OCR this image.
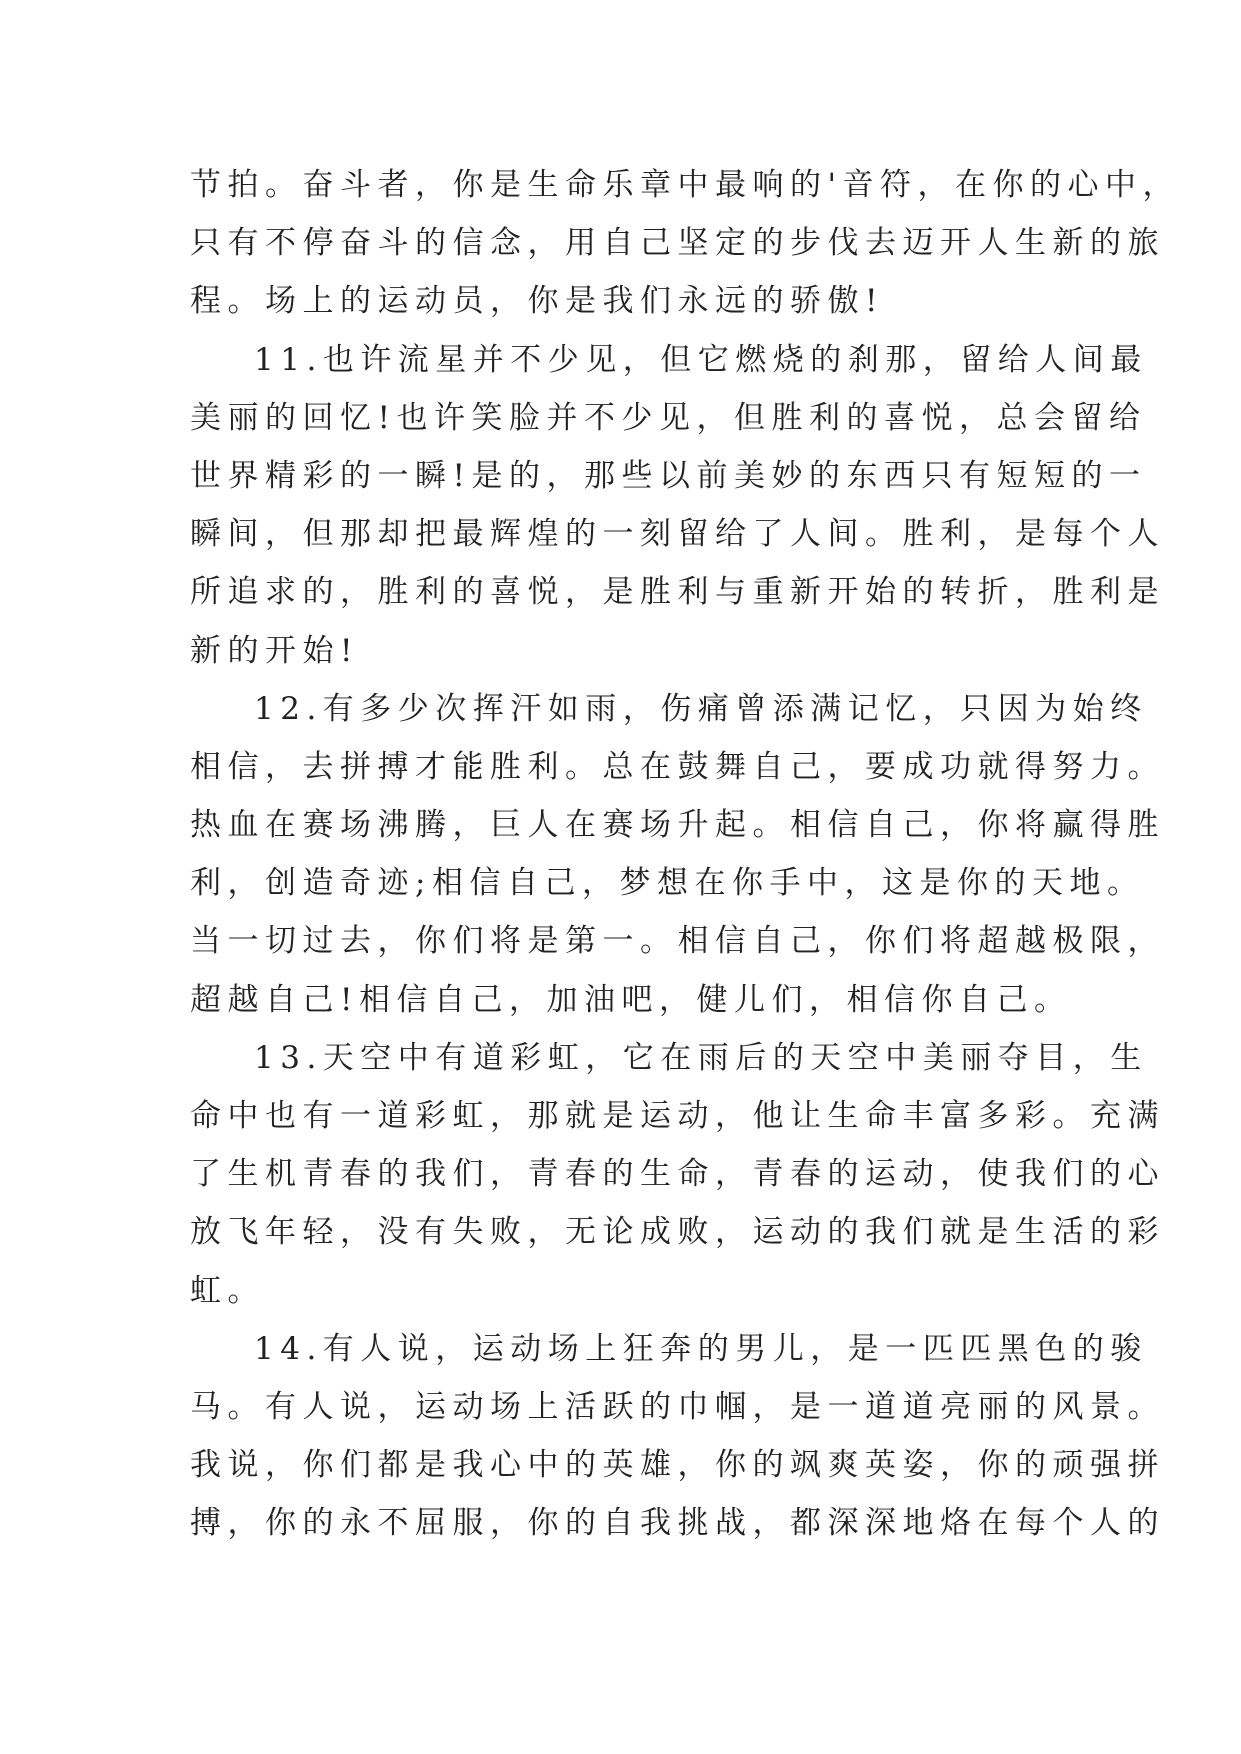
节拍。奋斗者，你是生命乐章中最响的'音符，在你的心中，
只有不停奋斗的信念，用自己坚定的步伐去迈开人生新的旅
程。场上的运动员，你是我们永远的骄傲!
11.也许流星并不少见，但它燃烧的刹那，留给人间最
美丽的回忆!也许笑脸并不少见，但胜利的喜悦，总会留给
世界精彩的一瞬!是的，那些以前美妙的东西只有短短的一
瞬间，但那却把最辉煌的一刻留给了人间。胜利，是每个人
所追求的，胜利的喜悦，是胜利与重新开始的转折，胜利是
新的开始!
12.有多少次挥汗如雨，伤痛曾添满记忆，只因为始终
相信，去拼搏才能胜利。总在鼓舞自己，要成功就得努力。
热血在赛场沸腾，巨人在赛场升起。相信自己，你将赢得胜
利，创造奇迹;相信自己，梦想在你手中，这是你的天地。
当一切过去，你们将是第一。相信自己，你们将超越极限，
超越自己!相信自己，加油吧，健儿们，相信你自己。
13.天空中有道彩虹，它在雨后的天空中美丽夺目，生
命中也有一道彩虹，那就是运动，他让生命丰富多彩。充满
了生机青春的我们，青春的生命，青春的运动，使我们的心
放飞年轻，没有失败，无论成败，运动的我们就是生活的彩
虹。
14.有人说，运动场上狂奔的男儿，是一匹匹黑色的骏
马。有人说，运动场上活跃的巾帼，是一道道亮丽的风景。
我说，你们都是我心中的英雄，你的飒爽英姿，你的顽强拼
搏，你的永不屈服，你的自我挑战，都深深地烙在每个人的
